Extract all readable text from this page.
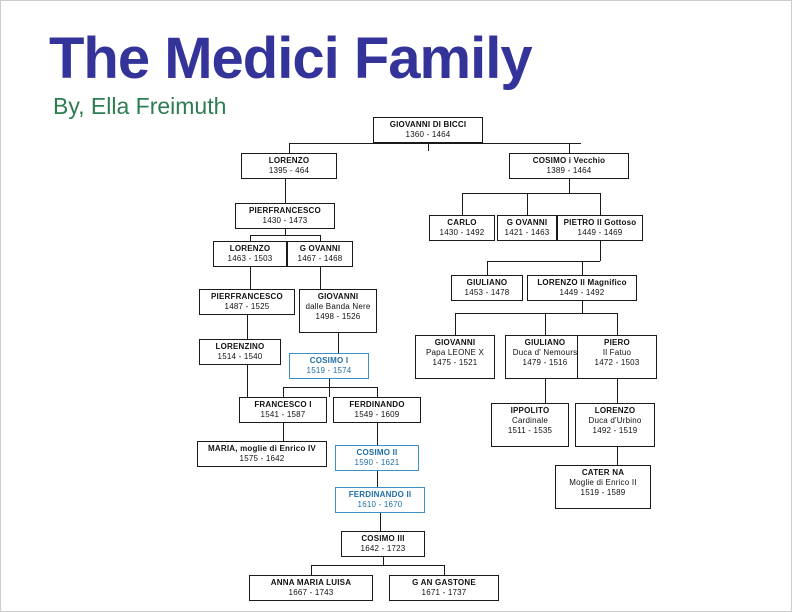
The Medici Family
By, Ella Freimuth
GIOVANNI DI BICCI
1360 - 1464
LORENZO
1395 - 464
COSIMO i Vecchio
1389 - 1464
PIERFRANCESCO
1430 - 1473	CARLO
1430 - 1492
G OVANNI
1421 - 1463
PIETRO Il Gottoso
1449 - 1469
LORENZO
1463 - 1503
G OVANNI
1467 - 1468
GIULIANO
1453 - 1478
LORENZO Il Magnifico
1449 - 1492
PIERFRANCESCO
1487 - 1525
GIOVANNI
dalle Banda Nere
1498 - 1526
GIOVANNI
Papa LEONE X
1475 - 1521
GIULIANO
Duca d' Nemours
1479 - 1516
PIERO
Il Fatuo
1472 - 1503
LORENZINO
1514 - 1540	COSIMO I
1519 - 1574
FRANCESCO I
1541 - 1587
FERDINANDO
1549 - 1609	IPPOLITO
Cardinale
1511 - 1535
LORENZO
Duca d'Urbino
1492 - 1519
MARIA, moglie di Enrico IV
1575 - 1642
COSIMO II
1590 - 1621
CATER NA
Moglie di Enrico II
1519 - 1589
FERDINANDO II
1610 - 1670
COSIMO III
1642 - 1723
ANNA MARIA LUISA
1667 - 1743
G AN GASTONE
1671 - 1737
